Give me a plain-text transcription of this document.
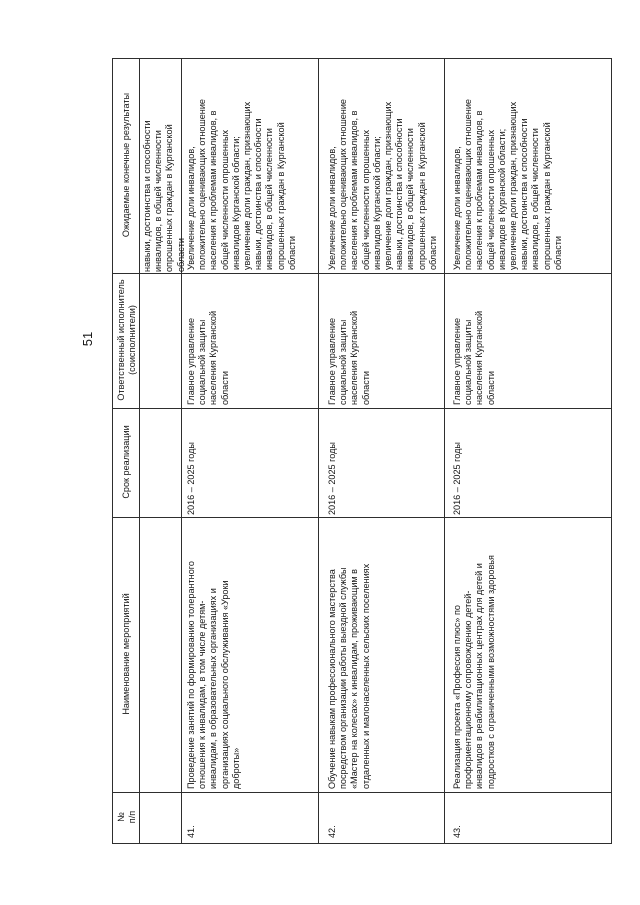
51
№
п/п
Наименование мероприятий
Срок реализации
Ответственный исполнитель
(соисполнители)
Ожидаемые конечные результаты
навыки, достоинства и способности
инвалидов, в общей численности
опрошенных граждан в Курганской
области
41.
Проведение занятий по формированию толерантного
отношения к инвалидам, в том числе детям-
инвалидам, в образовательных организациях и
организациях социального обслуживания «Уроки
доброты»
2016 – 2025 годы
Главное управление
социальной защиты
населения Курганской
области
Увеличение доли инвалидов,
положительно оценивающих отношение
населения к проблемам инвалидов, в
общей численности опрошенных
инвалидов Курганской области;
увеличение доли граждан, признающих
навыки, достоинства и способности
инвалидов, в общей численности
опрошенных граждан в Курганской
области
42.
Обучение навыкам профессионального мастерства
посредством организации работы выездной службы
«Мастер на колесах» к инвалидам, проживающим в
отдаленных и малонаселенных сельских поселениях
2016 – 2025 годы
Главное управление
социальной защиты
населения Курганской
области
Увеличение доли инвалидов,
положительно оценивающих отношение
населения к проблемам инвалидов, в
общей численности опрошенных
инвалидов Курганской области;
увеличение доли граждан, признающих
навыки, достоинства и способности
инвалидов, в общей численности
опрошенных граждан в Курганской
области
43.
Реализация проекта «Профессия плюс» по
профориентационному сопровождению детей-
инвалидов в реабилитационных центрах для детей и
подростков с ограниченными возможностями здоровья
2016 – 2025 годы
Главное управление
социальной защиты
населения Курганской
области
Увеличение доли инвалидов,
положительно оценивающих отношение
населения к проблемам инвалидов, в
общей численности опрошенных
инвалидов в Курганской области;
увеличение доли граждан, признающих
навыки, достоинства и способности
инвалидов, в общей численности
опрошенных граждан в Курганской
области
